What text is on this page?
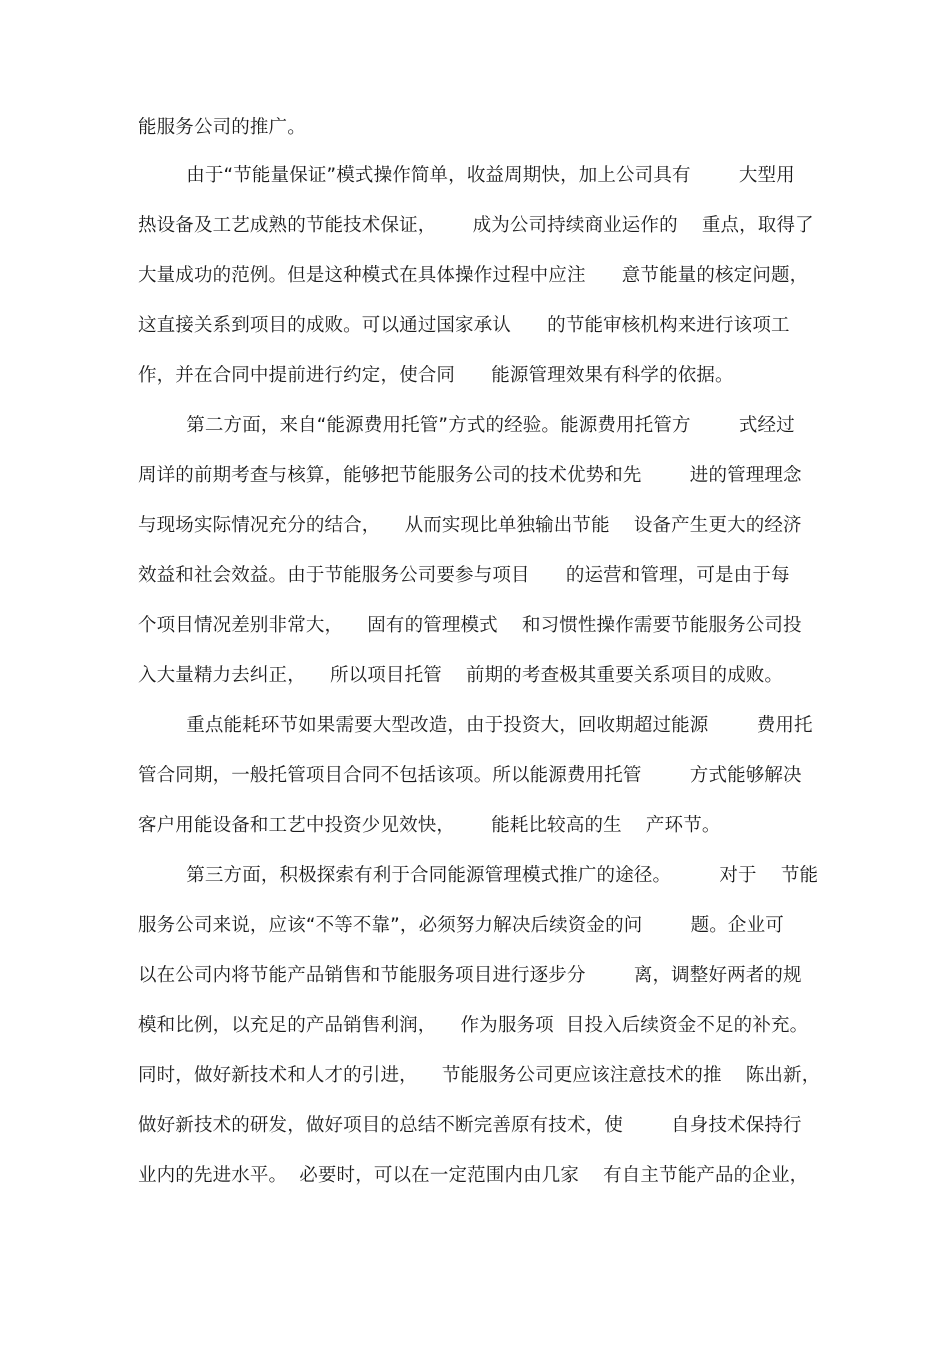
能服务公司的推广。
由于“节能量保证”模式操作简单，收益周期快，加上公司具有        大型用
热设备及工艺成熟的节能技术保证，      成为公司持续商业运作的    重点，取得了
大量成功的范例。但是这种模式在具体操作过程中应注      意节能量的核定问题，
这直接关系到项目的成败。可以通过国家承认      的节能审核机构来进行该项工
作，并在合同中提前进行约定，使合同      能源管理效果有科学的依据。
第二方面，来自“能源费用托管”方式的经验。能源费用托管方        式经过
周详的前期考查与核算，能够把节能服务公司的技术优势和先        进的管理理念
与现场实际情况充分的结合，    从而实现比单独输出节能    设备产生更大的经济
效益和社会效益。由于节能服务公司要参与项目      的运营和管理，可是由于每
个项目情况差别非常大，    固有的管理模式    和习惯性操作需要节能服务公司投
入大量精力去纠正，    所以项目托管    前期的考查极其重要关系项目的成败。
重点能耗环节如果需要大型改造，由于投资大，回收期超过能源        费用托
管合同期，一般托管项目合同不包括该项。所以能源费用托管        方式能够解决
客户用能设备和工艺中投资少见效快，      能耗比较高的生    产环节。
第三方面，积极探索有利于合同能源管理模式推广的途径。        对于    节能
服务公司来说，应该“不等不靠”，必须努力解决后续资金的问        题。企业可
以在公司内将节能产品销售和节能服务项目进行逐步分        离，调整好两者的规
模和比例，以充足的产品销售利润，    作为服务项  目投入后续资金不足的补充。
同时，做好新技术和人才的引进，    节能服务公司更应该注意技术的推    陈出新，
做好新技术的研发，做好项目的总结不断完善原有技术，使        自身技术保持行
业内的先进水平。  必要时，可以在一定范围内由几家    有自主节能产品的企业，
